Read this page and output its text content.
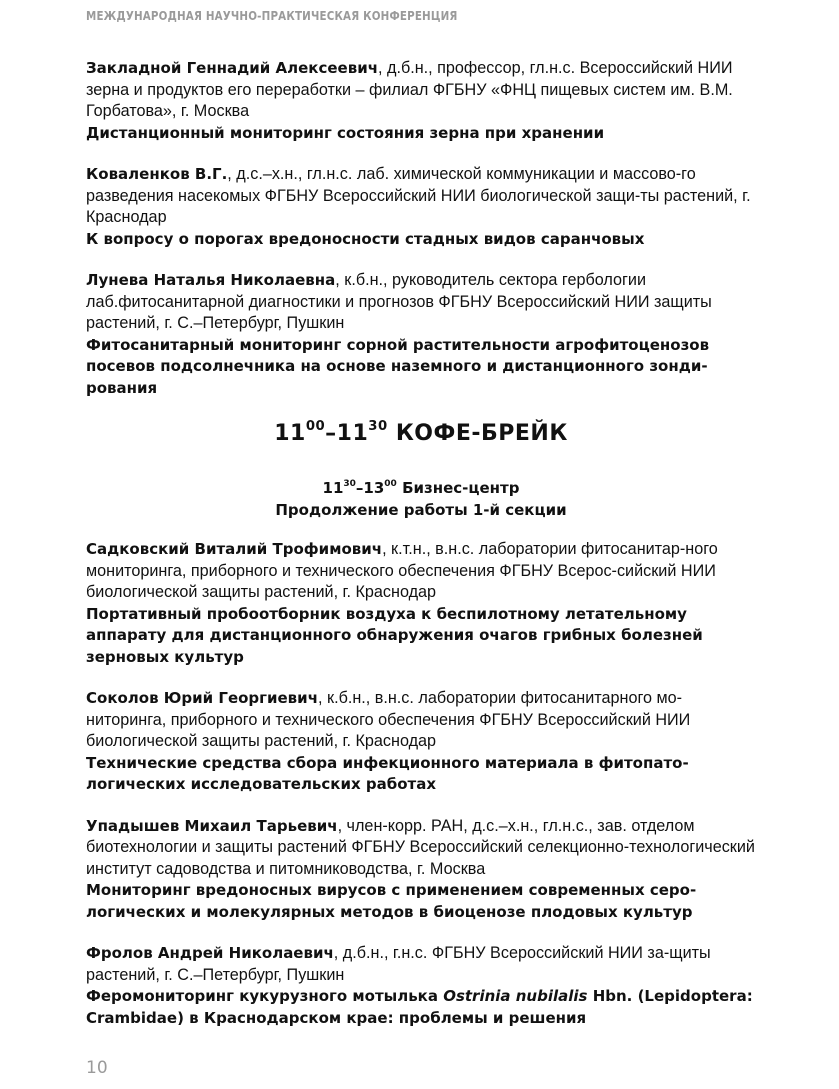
МЕЖДУНАРОДНАЯ НАУЧНО-ПРАКТИЧЕСКАЯ КОНФЕРЕНЦИЯ

Закладной Геннадий Алексеевич, д.б.н., профессор, гл.н.с. Всероссийский НИИ зерна и продуктов его переработки – филиал ФГБНУ «ФНЦ пищевых систем им. В.М. Горбатова», г. Москва

Дистанционный мониторинг состояния зерна при хранении

Коваленков В.Г., д.с.–х.н., гл.н.с. лаб. химической коммуникации и массово-го разведения насекомых ФГБНУ Всероссийский НИИ биологической защи-ты растений, г. Краснодар

К вопросу о порогах вредоносности стадных видов саранчовых

Лунева Наталья Николаевна, к.б.н., руководитель сектора гербологии лаб.фитосанитарной диагностики и прогнозов ФГБНУ Всероссийский НИИ защиты растений, г. С.–Петербург, Пушкин

Фитосанитарный мониторинг сорной растительности агрофитоценозов посевов подсолнечника на основе наземного и дистанционного зонди-рования

$11^{00}-11^{30}$ КОФЕ-БРЕЙК
$11^{30}-13^{00}$ Бизнес-центр
Продолжение работы 1-й секции

Садковский Виталий Трофимович, к.т.н., в.н.с. лаборатории фитосанитар-ного мониторинга, приборного и технического обеспечения ФГБНУ Всерос-сийский НИИ биологической защиты растений, г. Краснодар

Портативный пробоотборник воздуха к беспилотному летательному аппарату для дистанционного обнаружения очагов грибных болезней зерновых культур

Соколов Юрий Георгиевич, к.б.н., в.н.с. лаборатории фитосанитарного мо-ниторинга, приборного и технического обеспечения ФГБНУ Всероссийский НИИ биологической защиты растений, г. Краснодар

Технические средства сбора инфекционного материала в фитопато-логических исследовательских работах

Упадышев Михаил Тарьевич, член-корр. РАН, д.с.–х.н., гл.н.с., зав. отделом биотехнологии и защиты растений ФГБНУ Всероссийский селекционно-технологический институт садоводства и питомниководства, г. Москва

Мониторинг вредоносных вирусов с применением современных серо-логических и молекулярных методов в биоценозе плодовых культур

Фролов Андрей Николаевич, д.б.н., г.н.с. ФГБНУ Всероссийский НИИ за-щиты растений, г. С.–Петербург, Пушкин

Феромониторинг кукурузного мотылька Ostrinia nubilalis Hbn. (Lepidoptera: Crambidae) в Краснодарском крае: проблемы и решения

10
